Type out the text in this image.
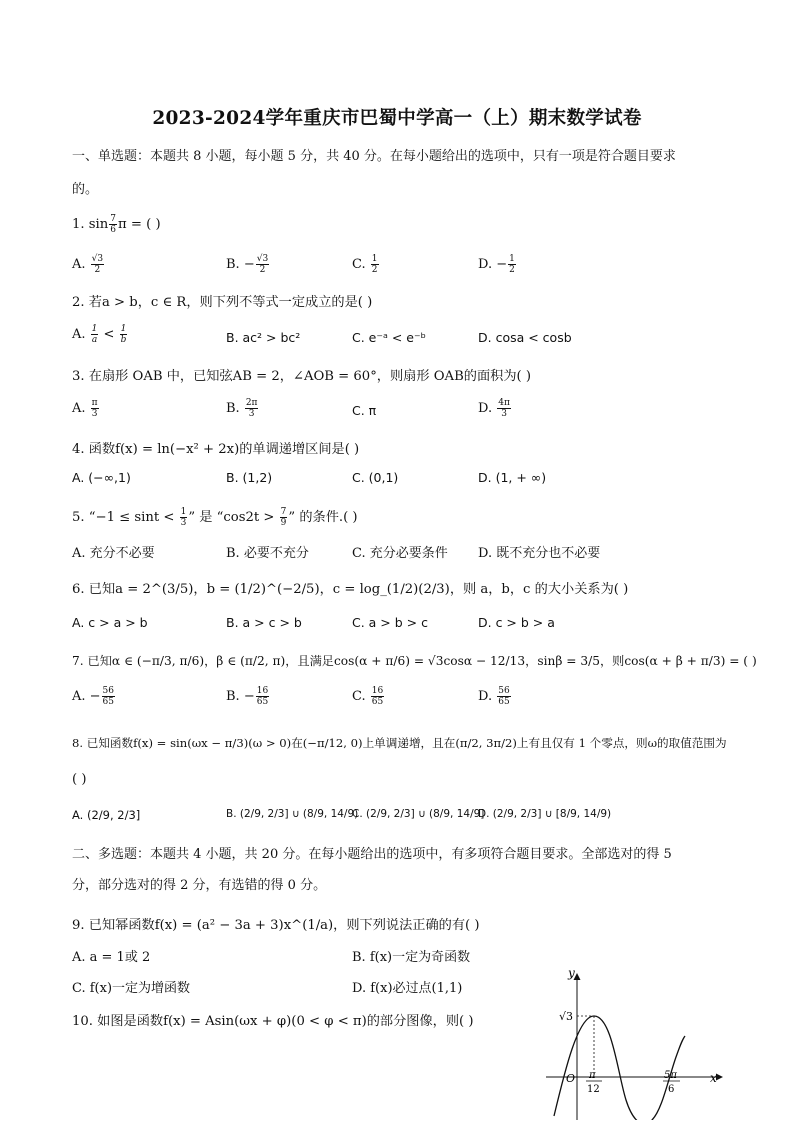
2023-2024学年重庆市巴蜀中学高一（上）期末数学试卷
一、单选题：本题共 8 小题，每小题 5 分，共 40 分。在每小题给出的选项中，只有一项是符合题目要求
的。
1. $\sin \frac{7}{6}$ π = ( )
A. $\frac{√3}{2}$	B. − $\frac{√3}{2}$	C. $\frac{1}{2}$	D. − $\frac{1}{2}$
2. 若a > b，c ∈ R，则下列不等式一定成立的是( )
A. $\frac{1}{a} < \frac{1}{b}$	B. ac² > bc²	C. e⁻ᵃ < e⁻ᵇ	D. cosa < cosb
3. 在扇形 OAB 中，已知弦AB = 2，∠AOB = 60°，则扇形 OAB的面积为( )
A. $\frac{\pi}{3}$	B. $\frac{2\pi}{3}$	C. π	D. $\frac{4\pi}{3}$
4. 函数f(x) = ln(−x² + 2x)的单调递增区间是( )
A. (−∞,1)	B. (1,2)	C. (0,1)	D. (1, + ∞)
5. “$-1 \le \sin t < \frac{1}{3}$ ” 是 “$\cos 2t > \frac{7}{9}$ ” 的条件.( )
A. 充分不必要	B. 必要不充分	C. 充分必要条件 D. 既不充分也不必要
6. 已知a = 2^(3/5)，b = (1/2)^(−2/5)，c = log_(1/2)(2/3)，则 a，b，c 的大小关系为( )
A. c > a > b	B. a > c > b	C. a > b > c	D. c > b > a
7. 已知α ∈ (−π/3, π/6)，β ∈ (π/2, π)，且满足cos(α + π/6) = √3cosα − 12/13，sinβ = 3/5，则cos(α + β + π/3) = ( )
A. − $\frac{56}{65}$	B. − $\frac{16}{65}$	C. $\frac{16}{65}$	D. $\frac{56}{65}$
8. 已知函数f(x) = sin(ωx − π/3)(ω > 0)在(−π/12, 0)上单调递增，且在(π/2, 3π/2)上有且仅有 1 个零点，则ω的取值范围为
( )
A. (2/9, 2/3]	B. (2/9, 2/3] ∪ (8/9, 14/9)
C. (2/9, 2/3] ∪ (8/9, 14/9]
D. (2/9, 2/3] ∪ [8/9, 14/9)
二、多选题：本题共 4 小题，共 20 分。在每小题给出的选项中，有多项符合题目要求。全部选对的得 5
分，部分选对的得 2 分，有选错的得 0 分。
9. 已知幂函数f(x) = (a² − 3a + 3)x^(1/a)，则下列说法正确的有( )
A. a = 1或 2	B. f(x)一定为奇函数
C. f(x)一定为增函数	D. f(x)必过点(1,1)
10. 如图是函数f(x) = Asin(ωx + φ)(0 < φ < π)的部分图像，则( )
y
x
O
√3
π
12
5π
6
